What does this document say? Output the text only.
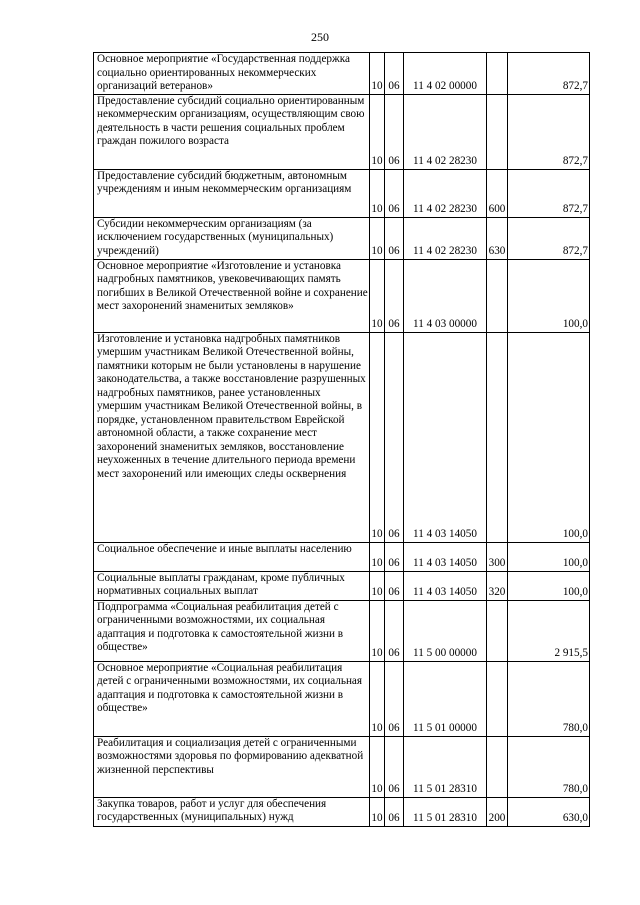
250
Основное мероприятие «Государственная поддержка социально ориентированных некоммерческих организаций ветеранов»	10	06	11 4 02 00000		872,7
Предоставление субсидий социально ориентированным некоммерческим организациям, осуществляющим свою деятельность в части решения социальных проблем граждан пожилого возраста	10	06	11 4 02 28230		872,7
Предоставление субсидий бюджетным, автономным учреждениям и иным некоммерческим организациям	10	06	11 4 02 28230	600	872,7
Субсидии некоммерческим организациям (за исключением государственных (муниципальных) учреждений)	10	06	11 4 02 28230	630	872,7
Основное мероприятие «Изготовление и установка надгробных памятников, увековечивающих память погибших в Великой Отечественной войне и сохранение мест захоронений знаменитых земляков»	10	06	11 4 03 00000		100,0
Изготовление и установка надгробных памятников умершим участникам Великой Отечественной войны, памятники которым не были установлены в нарушение законодательства, а также восстановление разрушенных надгробных памятников, ранее установленных умершим участникам Великой Отечественной войны, в порядке, установленном правительством Еврейской автономной области, а также сохранение мест захоронений знаменитых земляков, восстановление неухоженных в течение длительного периода времени мест захоронений или имеющих следы осквернения	10	06	11 4 03 14050		100,0
Социальное обеспечение и иные выплаты населению	10	06	11 4 03 14050	300	100,0
Социальные выплаты гражданам, кроме публичных нормативных социальных выплат	10	06	11 4 03 14050	320	100,0
Подпрограмма «Социальная реабилитация детей с ограниченными возможностями, их социальная адаптация и подготовка к самостоятельной жизни в обществе»	10	06	11 5 00 00000		2 915,5
Основное мероприятие «Социальная реабилитация детей с ограниченными возможностями, их социальная адаптация и подготовка к самостоятельной жизни в обществе»	10	06	11 5 01 00000		780,0
Реабилитация и социализация детей с ограниченными возможностями здоровья по формированию адекватной жизненной перспективы	10	06	11 5 01 28310		780,0
Закупка товаров, работ и услуг для обеспечения государственных (муниципальных) нужд	10	06	11 5 01 28310	200	630,0
